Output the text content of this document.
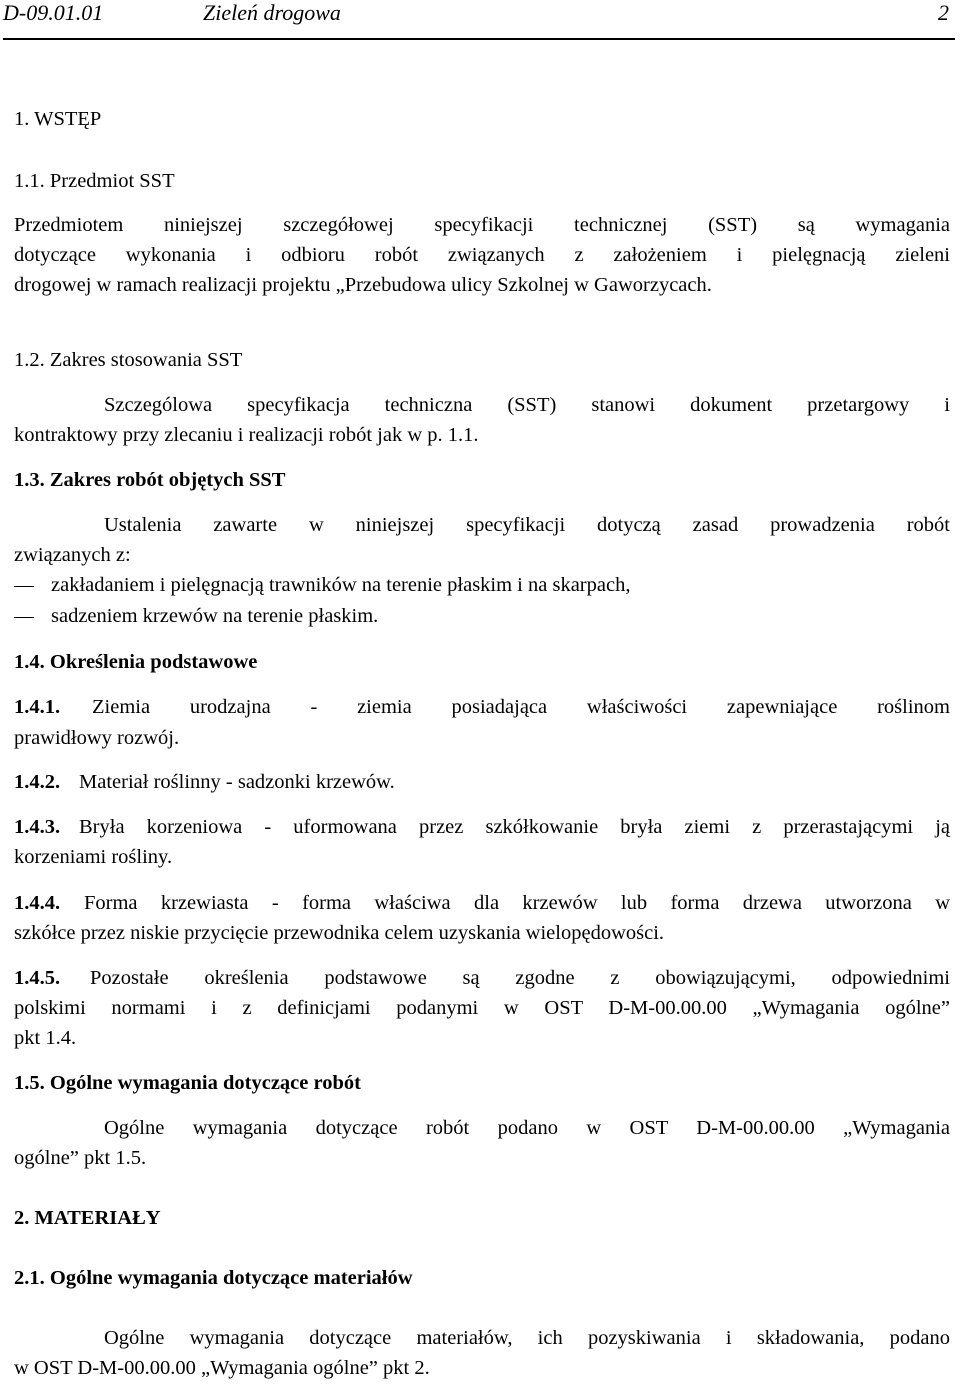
D-09.01.01	Zieleń drogowa	2
1. WSTĘP
1.1. Przedmiot SST
Przedmiotem niniejszej szczegółowej specyfikacji technicznej (SST) są wymagania
dotyczące wykonania i odbioru robót związanych z założeniem i pielęgnacją zieleni
drogowej w ramach realizacji projektu „Przebudowa ulicy Szkolnej w Gaworzycach.
1.2. Zakres stosowania SST
Szczególowa specyfikacja techniczna (SST) stanowi dokument przetargowy i
kontraktowy przy zlecaniu i realizacji robót jak w p. 1.1.
1.3. Zakres robót objętych SST
Ustalenia zawarte w niniejszej specyfikacji dotyczą zasad prowadzenia robót
związanych z:
zakładaniem i pielęgnacją trawników na terenie płaskim i na skarpach,
sadzeniem krzewów na terenie płaskim.
1.4. Określenia podstawowe
1.4.1. Ziemia urodzajna - ziemia posiadająca właściwości zapewniające roślinom
prawidłowy rozwój.
1.4.2. Materiał roślinny - sadzonki krzewów.
1.4.3. Bryła korzeniowa - uformowana przez szkółkowanie bryła ziemi z przerastającymi ją
korzeniami rośliny.
1.4.4. Forma krzewiasta - forma właściwa dla krzewów lub forma drzewa utworzona w
szkółce przez niskie przycięcie przewodnika celem uzyskania wielopędowości.
1.4.5. Pozostałe określenia podstawowe są zgodne z obowiązującymi, odpowiednimi
polskimi normami i z definicjami podanymi w OST D-M-00.00.00 „Wymagania ogólne”
pkt 1.4.
1.5. Ogólne wymagania dotyczące robót
Ogólne wymagania dotyczące robót podano w OST D-M-00.00.00 „Wymagania
ogólne” pkt 1.5.
2. MATERIAŁY
2.1. Ogólne wymagania dotyczące materiałów
Ogólne wymagania dotyczące materiałów, ich pozyskiwania i składowania, podano
w OST D-M-00.00.00 „Wymagania ogólne” pkt 2.
